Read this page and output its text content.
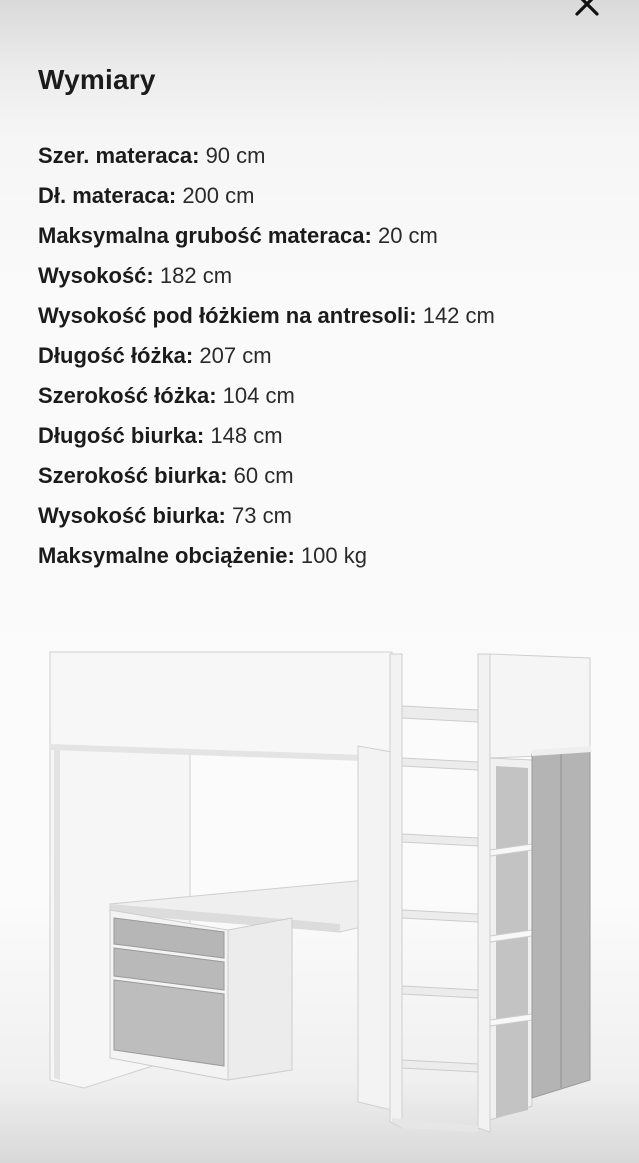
Wymiary
Szer. materaca: 90 cm
Dł. materaca: 200 cm
Maksymalna grubość materaca: 20 cm
Wysokość: 182 cm
Wysokość pod łóżkiem na antresoli: 142 cm
Długość łóżka: 207 cm
Szerokość łóżka: 104 cm
Długość biurka: 148 cm
Szerokość biurka: 60 cm
Wysokość biurka: 73 cm
Maksymalne obciążenie: 100 kg
